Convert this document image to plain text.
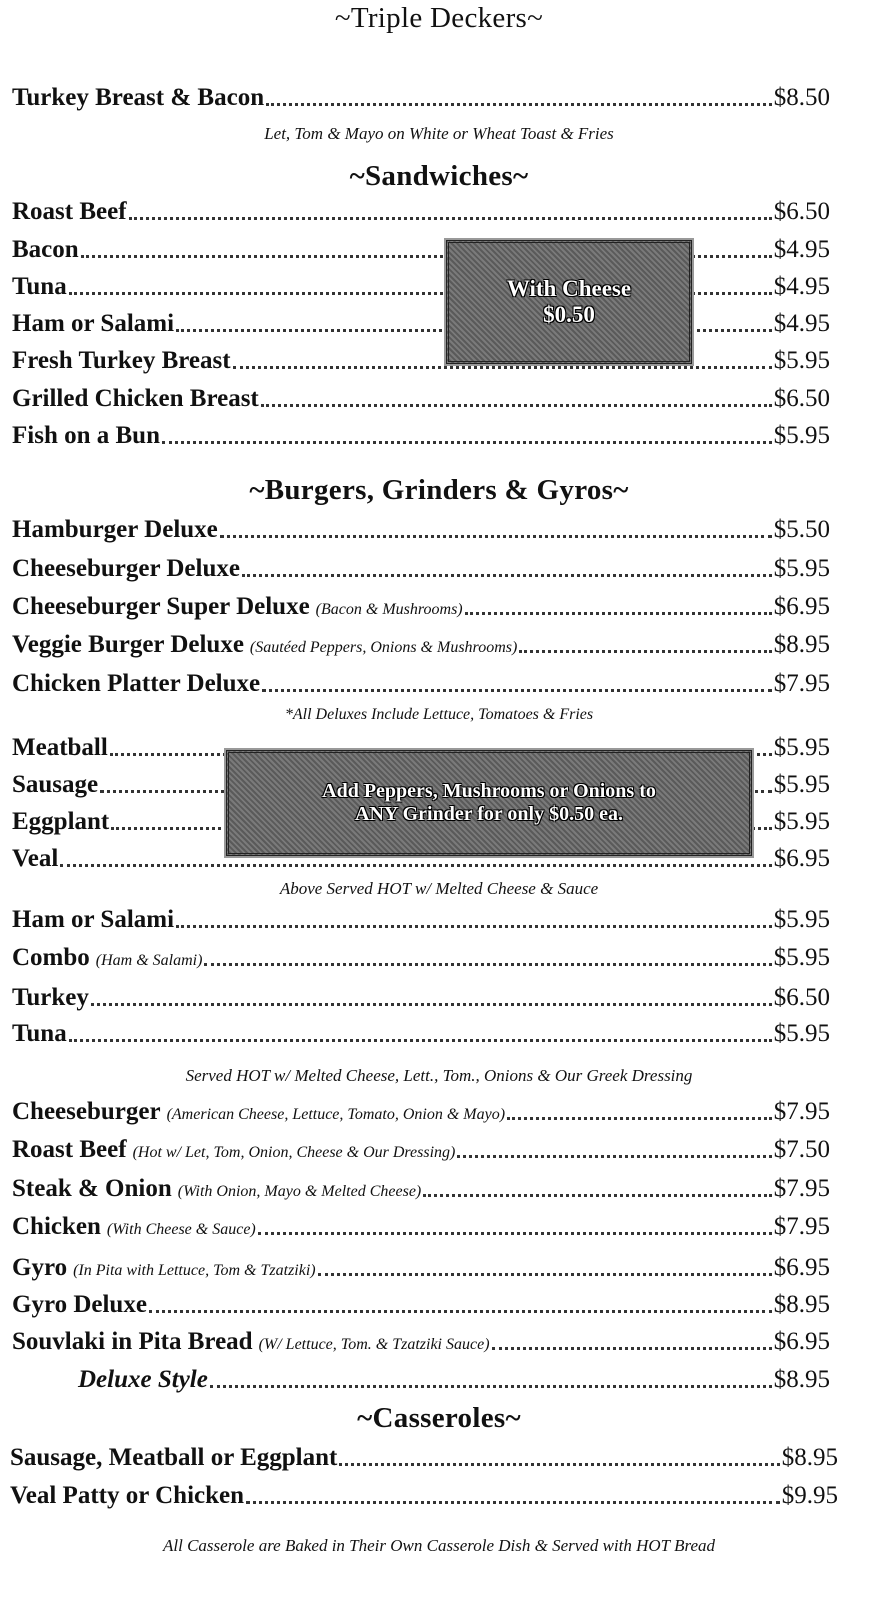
~Triple Deckers~
Turkey Breast & Bacon	$8.50
Let, Tom & Mayo on White or Wheat Toast & Fries
~Sandwiches~
Roast Beef	$6.50
Bacon	$4.95
Tuna	$4.95
Ham or Salami	$4.95
Fresh Turkey Breast	$5.95
Grilled Chicken Breast	$6.50
Fish on a Bun	$5.95
With Cheese
$0.50
~Burgers, Grinders & Gyros~
Hamburger Deluxe	$5.50
Cheeseburger Deluxe	$5.95
Cheeseburger Super Deluxe (Bacon & Mushrooms)	$6.95
Veggie Burger Deluxe (Sautéed Peppers, Onions & Mushrooms)	$8.95
Chicken Platter Deluxe	$7.95
*All Deluxes Include Lettuce, Tomatoes & Fries
Meatball	$5.95
Sausage	$5.95
Eggplant	$5.95
Veal	$6.95
Add Peppers, Mushrooms or Onions to
ANY Grinder for only $0.50 ea.
Above Served HOT w/ Melted Cheese & Sauce
Ham or Salami	$5.95
Combo (Ham & Salami)	$5.95
Turkey	$6.50
Tuna	$5.95
Served HOT w/ Melted Cheese, Lett., Tom., Onions & Our Greek Dressing
Cheeseburger (American Cheese, Lettuce, Tomato, Onion & Mayo)	$7.95
Roast Beef (Hot w/ Let, Tom, Onion, Cheese & Our Dressing)	$7.50
Steak & Onion (With Onion, Mayo & Melted Cheese)	$7.95
Chicken (With Cheese & Sauce)	$7.95
Gyro (In Pita with Lettuce, Tom & Tzatziki)	$6.95
Gyro Deluxe	$8.95
Souvlaki in Pita Bread (W/ Lettuce, Tom. & Tzatziki Sauce)	$6.95
Deluxe Style	$8.95
~Casseroles~
Sausage, Meatball or Eggplant	$8.95
Veal Patty or Chicken	$9.95
All Casserole are Baked in Their Own Casserole Dish & Served with HOT Bread
